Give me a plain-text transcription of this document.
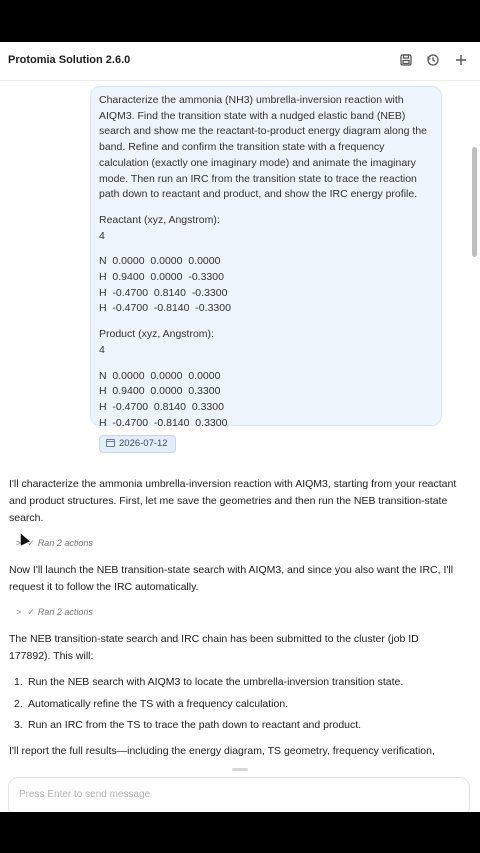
Protomia Solution 2.6.0

Characterize the ammonia (NH3) umbrella-inversion reaction with AIQM3. Find the transition state with a nudged elastic band (NEB) search and show me the reactant-to-product energy diagram along the band. Refine and confirm the transition state with a frequency calculation (exactly one imaginary mode) and animate the imaginary mode. Then run an IRC from the transition state to trace the reaction path down to reactant and product, and show the IRC energy profile.

Reactant (xyz, Angstrom):

4

N  0.0000  0.0000  0.0000
H  0.9400  0.0000  -0.3300
H  -0.4700  0.8140  -0.3300
H  -0.4700  -0.8140  -0.3300

Product (xyz, Angstrom):

4

N  0.0000  0.0000  0.0000
H  0.9400  0.0000  0.3300
H  -0.4700  0.8140  0.3300
H  -0.4700  -0.8140  0.3300
2026-07-12

I'll characterize the ammonia umbrella-inversion reaction with AIQM3, starting from your reactant and product structures. First, let me save the geometries and then run the NEB transition-state search.

> ✓ Ran 2 actions

Now I'll launch the NEB transition-state search with AIQM3, and since you also want the IRC, I'll request it to follow the IRC automatically.

> ✓ Ran 2 actions

The NEB transition-state search and IRC chain has been submitted to the cluster (job ID 177892). This will:

1. Run the NEB search with AIQM3 to locate the umbrella-inversion transition state.
2. Automatically refine the TS with a frequency calculation.
3. Run an IRC from the TS to trace the path down to reactant and product.

I'll report the full results—including the energy diagram, TS geometry, frequency verification,

Press Enter to send message
